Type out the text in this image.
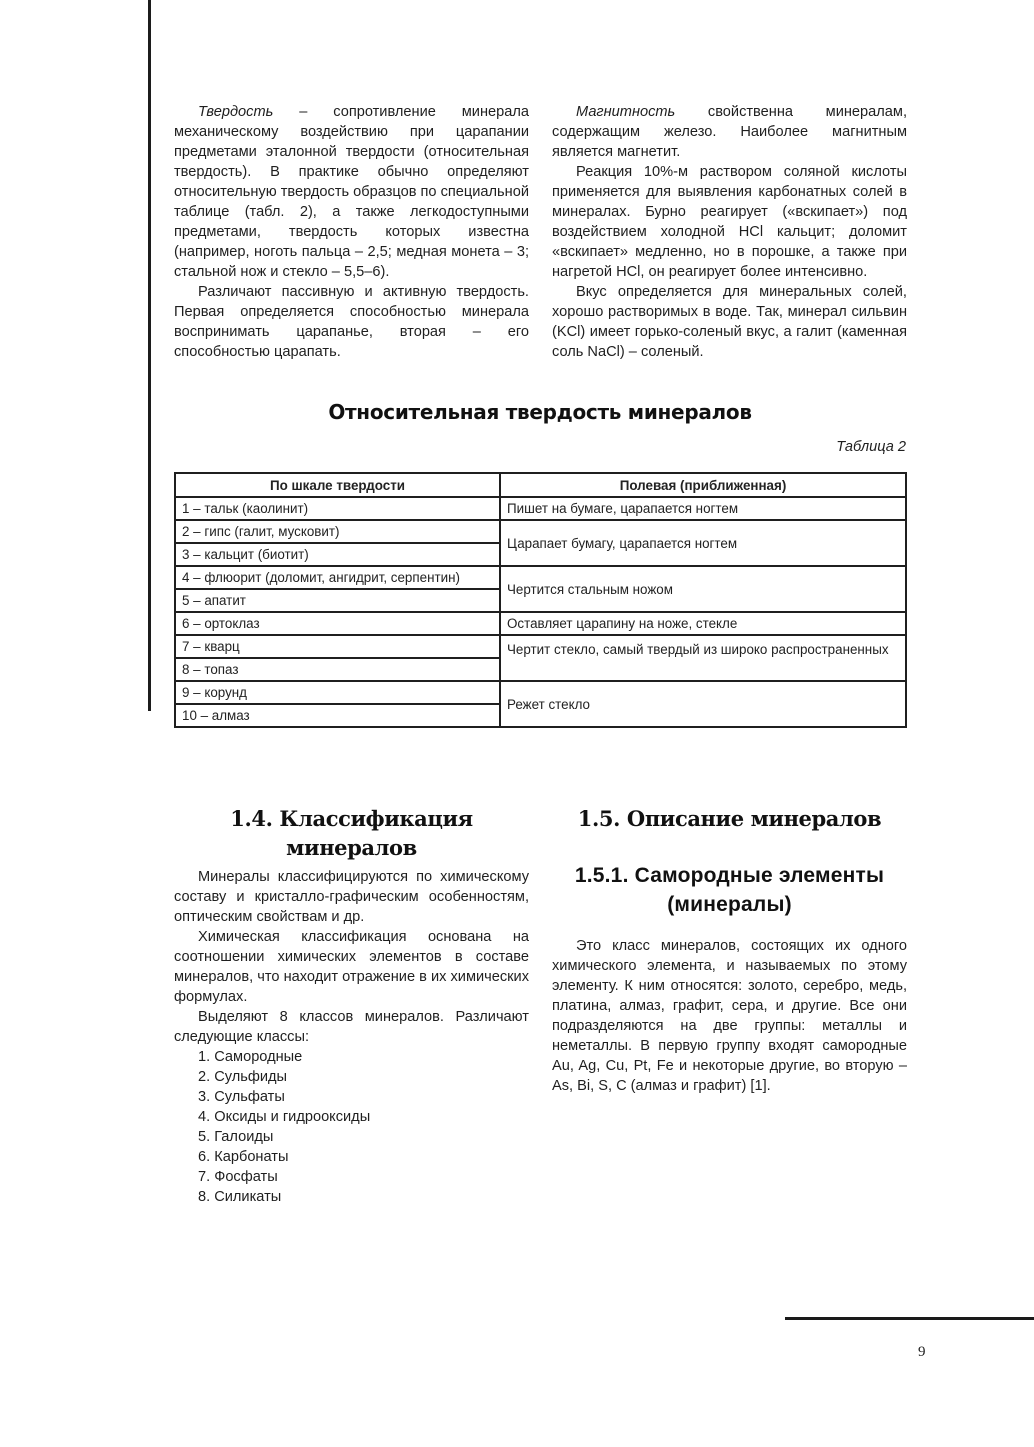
Твердость – сопротивление минерала механическому воздействию при царапании предметами эталонной твердости (относительная твердость). В практике обычно определяют относительную твердость образцов по специальной таблице (табл. 2), а также легкодоступными предметами, твердость которых известна (например, ноготь пальца – 2,5; медная монета – 3; стальной нож и стекло – 5,5–6).

Различают пассивную и активную твердость. Первая определяется способностью минерала воспринимать царапанье, вторая – его способностью царапать.

Магнитность свойственна минералам, содержащим железо. Наиболее магнитным является магнетит.

Реакция 10%-м раствором соляной кислоты применяется для выявления карбонатных солей в минералах. Бурно реагирует («вскипает») под воздействием холодной HCl кальцит; доломит «вскипает» медленно, но в порошке, а также при нагретой HCl, он реагирует более интенсивно.

Вкус определяется для минеральных солей, хорошо растворимых в воде. Так, минерал сильвин (KCl) имеет горько-соленый вкус, а галит (каменная соль NaCl) – соленый.

Относительная твердость минералов
Таблица 2
По шкале твердости	Полевая (приближенная)
1 – тальк (каолинит)	Пишет на бумаге, царапается ногтем
2 – гипс (галит, мусковит)	Царапает бумагу, царапается ногтем
3 – кальцит (биотит)	
4 – флюорит (доломит, ангидрит, серпентин)	Чертится стальным ножом
5 – апатит	
6 – ортоклаз	Оставляет царапину на ноже, стекле
7 – кварц	Чертит стекло, самый твердый из широко распространенных
8 – топаз	
9 – корунд	Режет стекло
10 – алмаз	
1.4. Классификация минералов

Минералы классифицируются по химическому составу и кристалло-графическим особенностям, оптическим свойствам и др.

Химическая классификация основана на соотношении химических элементов в составе минералов, что находит отражение в их химических формулах.

Выделяют 8 классов минералов. Различают следующие классы:

1. Самородные
2. Сульфиды
3. Сульфаты
4. Оксиды и гидрооксиды
5. Галоиды
6. Карбонаты
7. Фосфаты
8. Силикаты
1.5. Описание минералов
1.5.1. Самородные элементы (минералы)

Это класс минералов, состоящих их одного химического элемента, и называемых по этому элементу. К ним относятся: золото, серебро, медь, платина, алмаз, графит, сера, и другие. Все они подразделяются на две группы: металлы и неметаллы. В первую группу входят самородные Au, Ag, Cu, Pt, Fe и некоторые другие, во вторую – As, Bi, S, C (алмаз и графит) [1].

9
